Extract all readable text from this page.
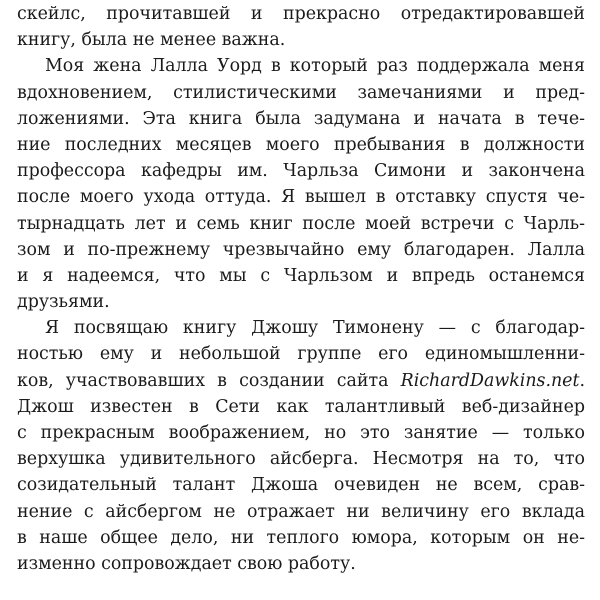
скейлс, прочитавшей и прекрасно отредактировавшей
книгу, была не менее важна.
Моя жена Лалла Уорд в который раз поддержала меня
вдохновением, стилистическими замечаниями и пред-
ложениями. Эта книга была задумана и начата в тече-
ние последних месяцев моего пребывания в должности
профессора кафедры им. Чарльза Симони и закончена
после моего ухода оттуда. Я вышел в отставку спустя че-
тырнадцать лет и семь книг после моей встречи с Чарль-
зом и по-прежнему чрезвычайно ему благодарен. Лалла
и я надеемся, что мы с Чарльзом и впредь останемся
друзьями.
Я посвящаю книгу Джошу Тимонену — с благодар-
ностью ему и небольшой группе его единомышленни-
ков, участвовавших в создании сайта RichardDawkins.net.
Джош известен в Сети как талантливый веб-дизайнер
с прекрасным воображением, но это занятие — только
верхушка удивительного айсберга. Несмотря на то, что
созидательный талант Джоша очевиден не всем, срав-
нение с айсбергом не отражает ни величину его вклада
в наше общее дело, ни теплого юмора, которым он не-
изменно сопровождает свою работу.
